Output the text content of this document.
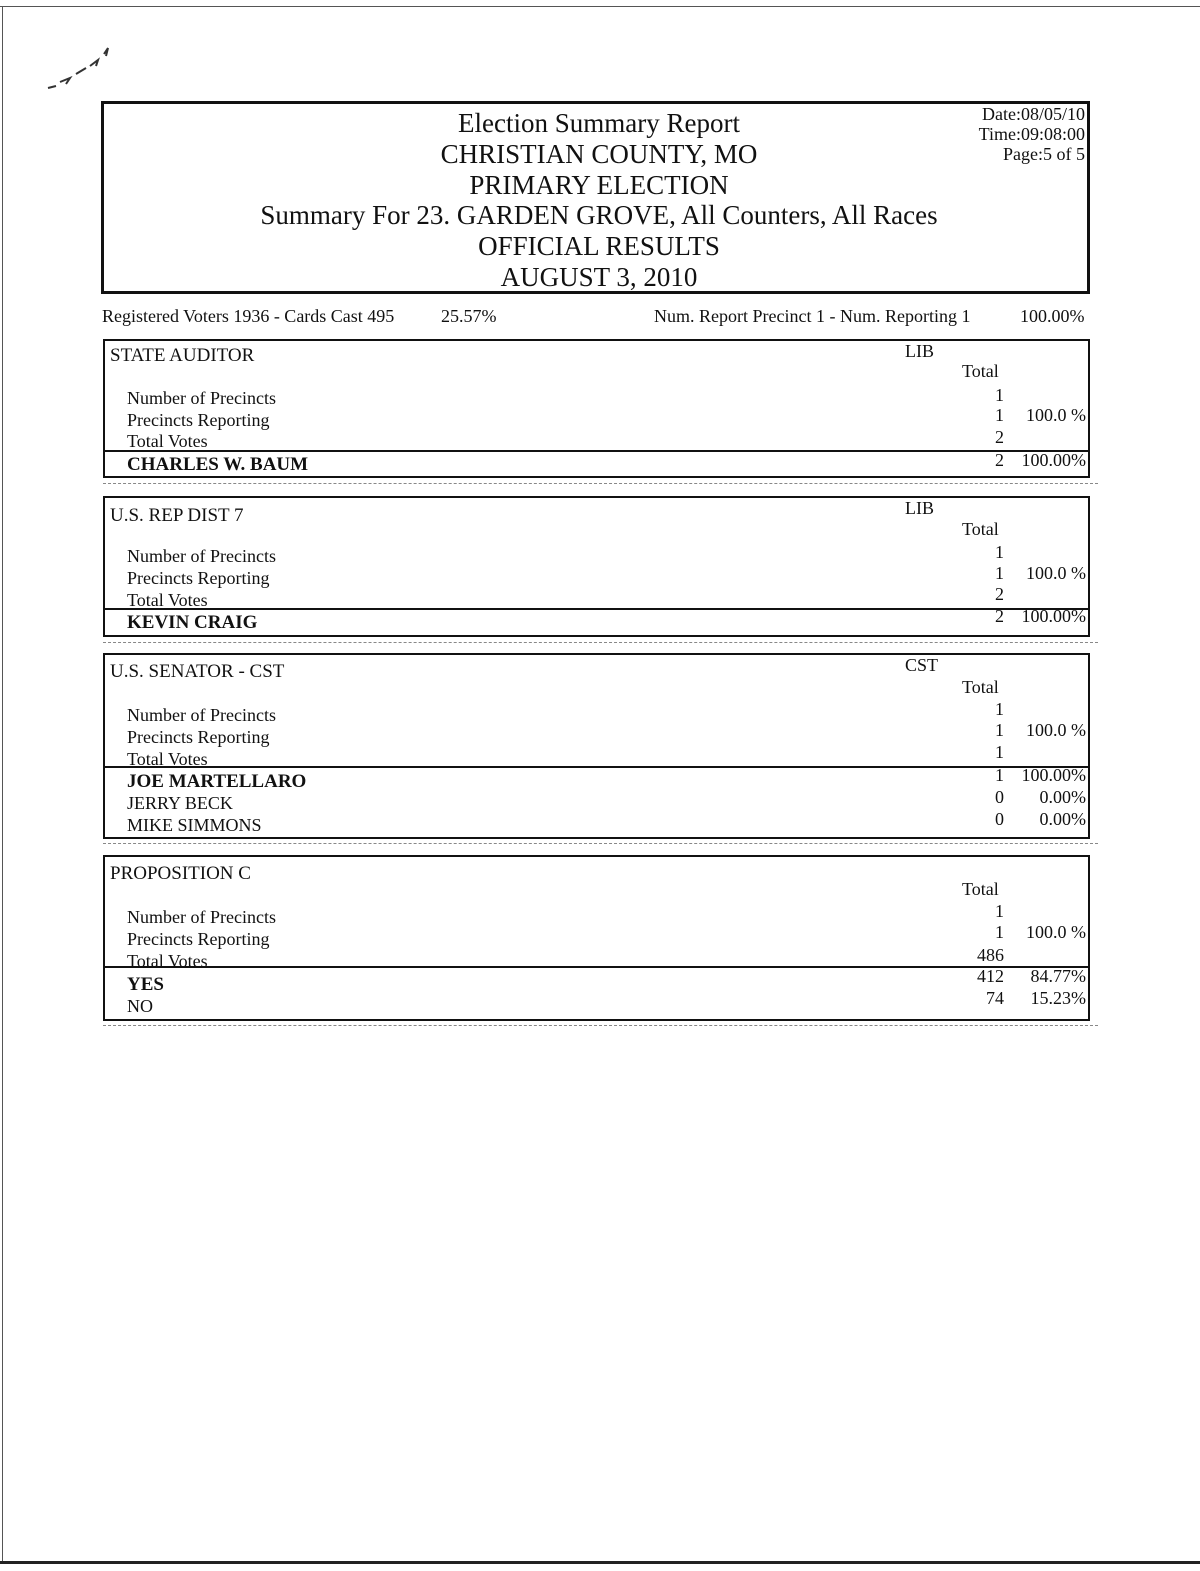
Election Summary Report
CHRISTIAN COUNTY, MO
PRIMARY ELECTION
Summary For 23. GARDEN GROVE, All Counters, All Races
OFFICIAL RESULTS
AUGUST 3, 2010
Date:08/05/10
Time:09:08:00
Page:5 of 5
Registered Voters 1936 - Cards Cast 495	25.57%	Num. Report Precinct 1 - Num. Reporting 1	100.00%
STATE AUDITOR	LIB
Total
Number of Precincts	1
Precincts Reporting	1 100.0 %
Total Votes	2
CHARLES W. BAUM	2 100.00%
U.S. REP DIST 7	LIB
Total
Number of Precincts	1
Precincts Reporting	1 100.0 %
Total Votes	2
KEVIN CRAIG	2 100.00%
U.S. SENATOR - CST	CST
Total
Number of Precincts	1
Precincts Reporting	1 100.0 %
Total Votes	1
JOE MARTELLARO	1 100.00%
JERRY BECK	0 0.00%
MIKE SIMMONS	0 0.00%
PROPOSITION C
Total
Number of Precincts	1
Precincts Reporting	1 100.0 %
Total Votes	486
YES	412 84.77%
NO	74 15.23%
